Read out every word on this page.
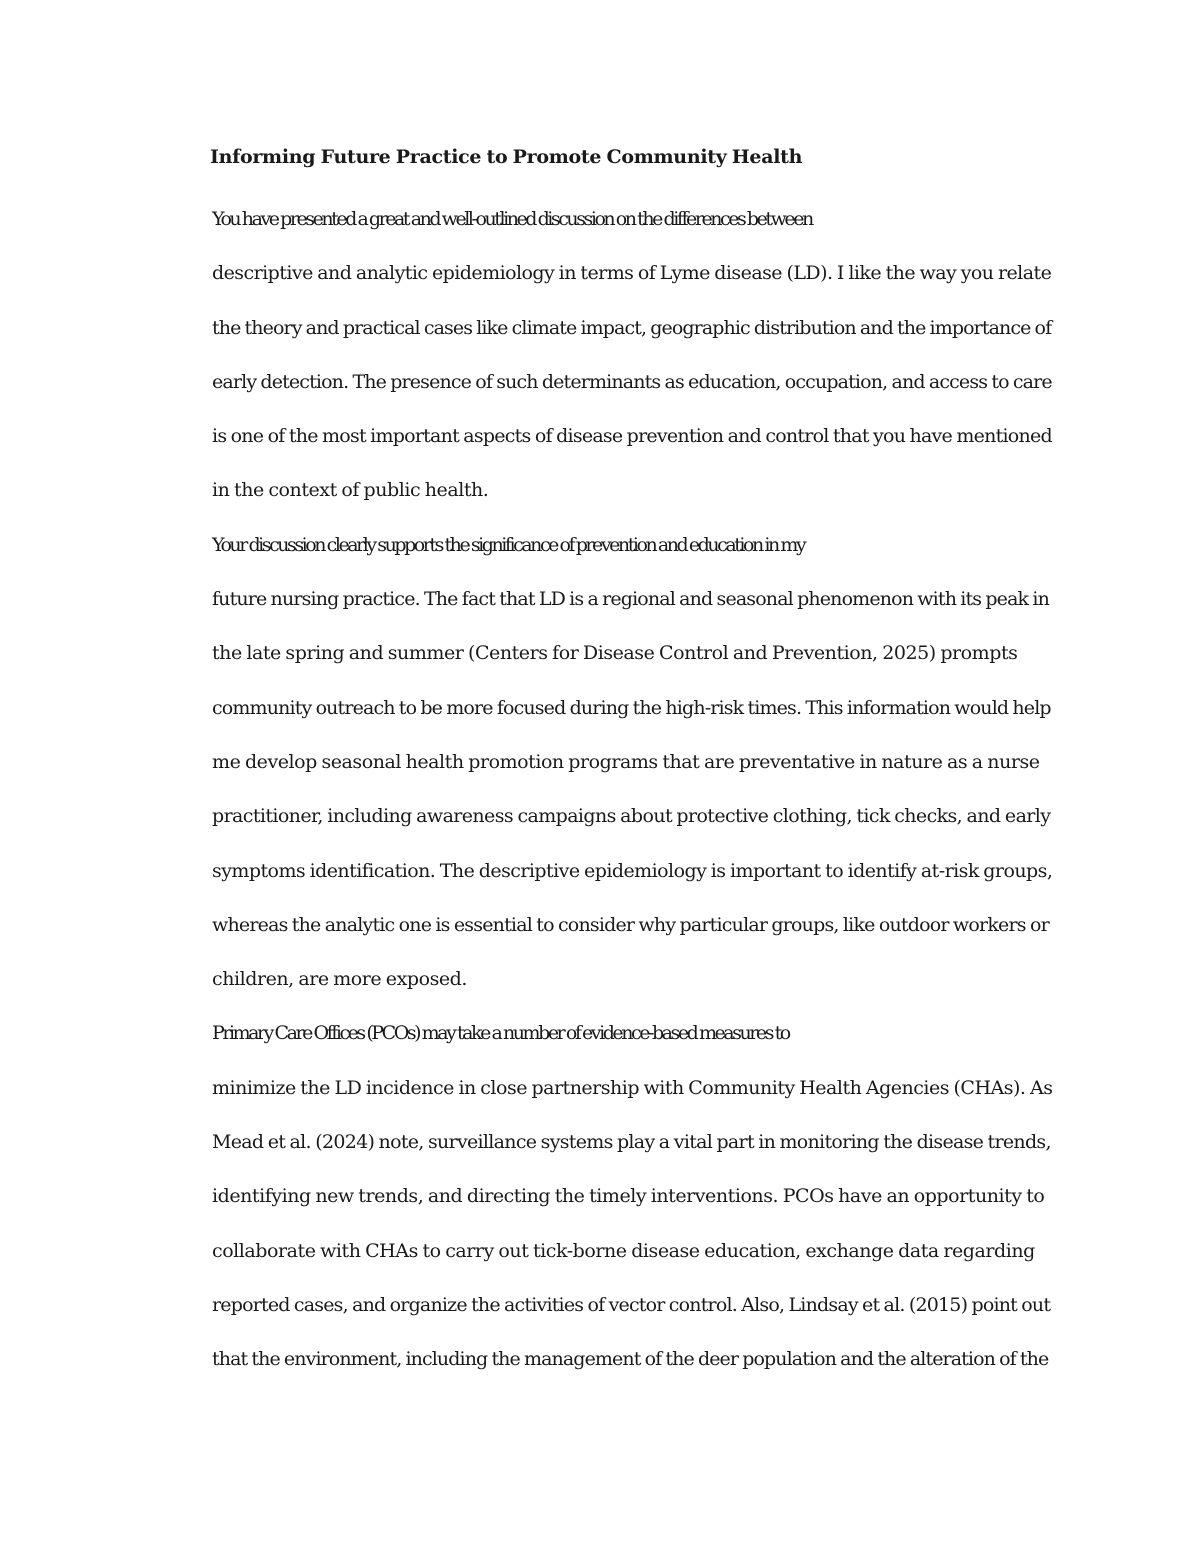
Informing Future Practice to Promote Community Health

You have presented a great and well-outlined discussion on the differences between
descriptive and analytic epidemiology in terms of Lyme disease (LD). I like the way you relate
the theory and practical cases like climate impact, geographic distribution and the importance of
early detection. The presence of such determinants as education, occupation, and access to care
is one of the most important aspects of disease prevention and control that you have mentioned
in the context of public health.

Your discussion clearly supports the significance of prevention and education in my
future nursing practice. The fact that LD is a regional and seasonal phenomenon with its peak in
the late spring and summer (Centers for Disease Control and Prevention, 2025) prompts
community outreach to be more focused during the high-risk times. This information would help
me develop seasonal health promotion programs that are preventative in nature as a nurse
practitioner, including awareness campaigns about protective clothing, tick checks, and early
symptoms identification. The descriptive epidemiology is important to identify at-risk groups,
whereas the analytic one is essential to consider why particular groups, like outdoor workers or
children, are more exposed.

Primary Care Offices (PCOs) may take a number of evidence-based measures to
minimize the LD incidence in close partnership with Community Health Agencies (CHAs). As
Mead et al. (2024) note, surveillance systems play a vital part in monitoring the disease trends,
identifying new trends, and directing the timely interventions. PCOs have an opportunity to
collaborate with CHAs to carry out tick-borne disease education, exchange data regarding
reported cases, and organize the activities of vector control. Also, Lindsay et al. (2015) point out
that the environment, including the management of the deer population and the alteration of the
